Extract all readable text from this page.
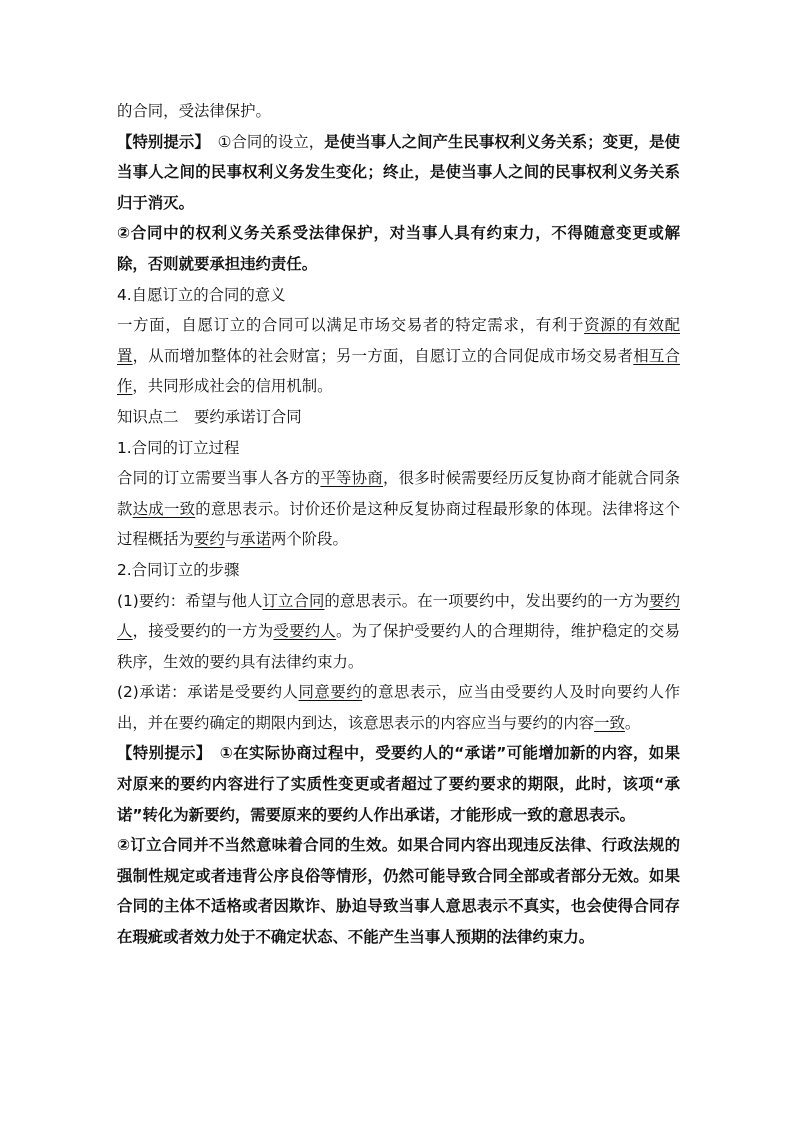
的合同，受法律保护。

【特别提示】　 ①合同的设立，是使当事人之间产生民事权利义务关系；变更，是使当事人之间的民事权利义务发生变化；终止，是使当事人之间的民事权利义务关系归于消灭。

②合同中的权利义务关系受法律保护，对当事人具有约束力，不得随意变更或解除，否则就要承担违约责任。

4.自愿订立的合同的意义

一方面，自愿订立的合同可以满足市场交易者的特定需求，有利于资源的有效配置，从而增加整体的社会财富；另一方面，自愿订立的合同促成市场交易者相互合作，共同形成社会的信用机制。

知识点二　要约承诺订合同

1.合同的订立过程

合同的订立需要当事人各方的平等协商，很多时候需要经历反复协商才能就合同条款达成一致的意思表示。讨价还价是这种反复协商过程最形象的体现。法律将这个过程概括为要约与承诺两个阶段。

2.合同订立的步骤

(1)要约：希望与他人订立合同的意思表示。在一项要约中，发出要约的一方为要约人，接受要约的一方为受要约人。为了保护受要约人的合理期待，维护稳定的交易秩序，生效的要约具有法律约束力。

(2)承诺：承诺是受要约人同意要约的意思表示，应当由受要约人及时向要约人作出，并在要约确定的期限内到达，该意思表示的内容应当与要约的内容一致。

【特别提示】　 ①在实际协商过程中，受要约人的“承诺”可能增加新的内容，如果对原来的要约内容进行了实质性变更或者超过了要约要求的期限，此时，该项“承诺”转化为新要约，需要原来的要约人作出承诺，才能形成一致的意思表示。

②订立合同并不当然意味着合同的生效。如果合同内容出现违反法律、行政法规的强制性规定或者违背公序良俗等情形，仍然可能导致合同全部或者部分无效。如果合同的主体不适格或者因欺诈、胁迫导致当事人意思表示不真实，也会使得合同存在瑕疵或者效力处于不确定状态、不能产生当事人预期的法律约束力。
